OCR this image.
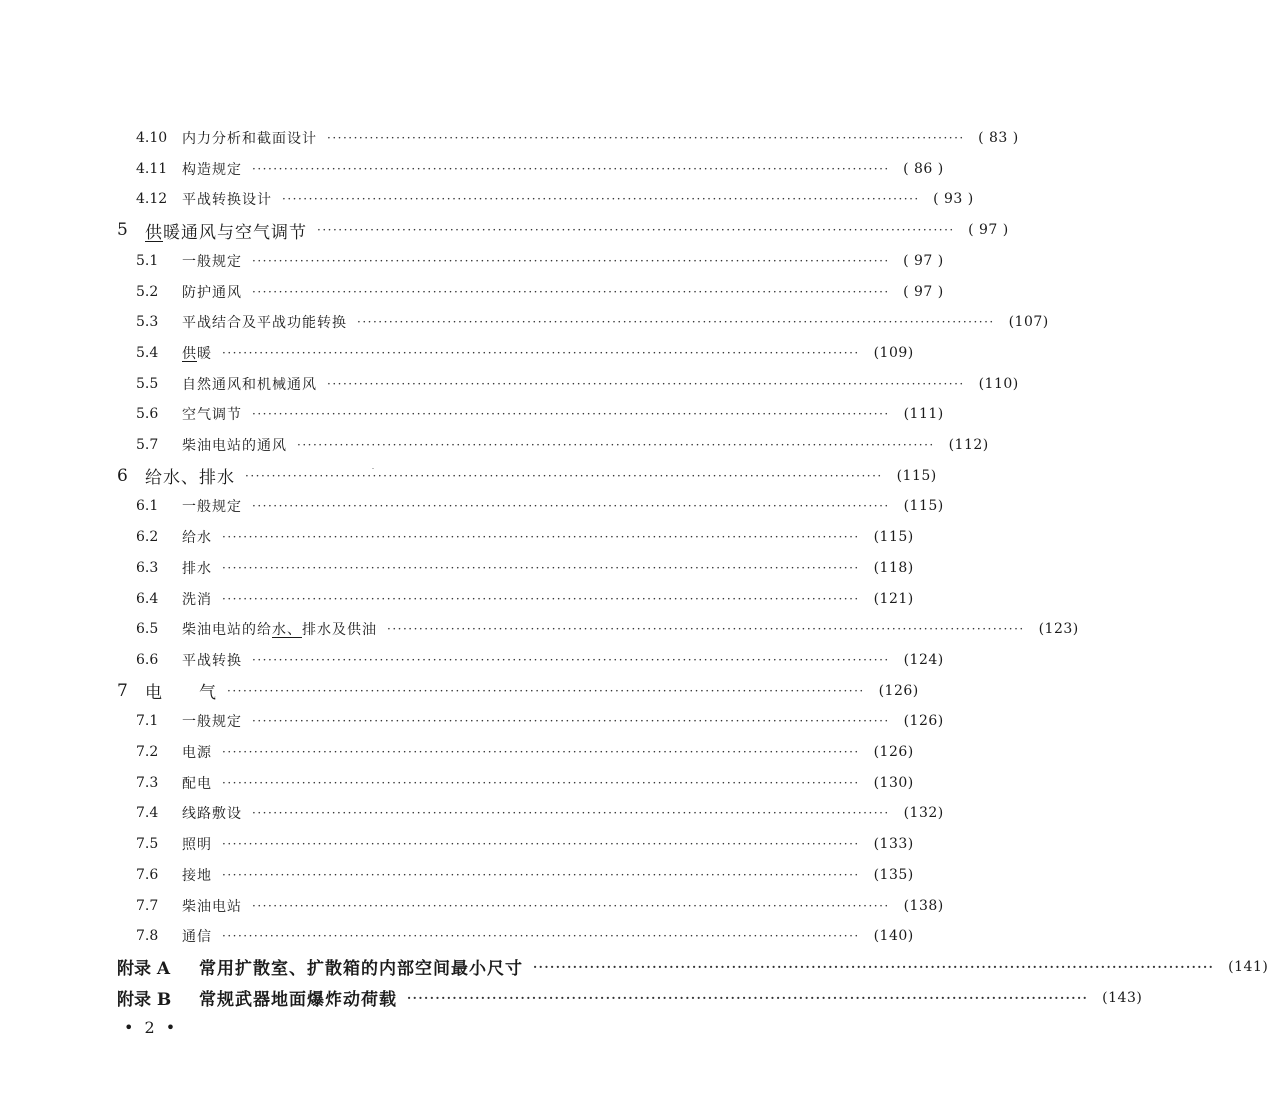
4.10	内力分析和截面设计 ························································································································ ( 83 )
4.11	构造规定 ························································································································ ( 86 )
4.12	平战转换设计 ························································································································ ( 93 )
5	供暖通风与空气调节 ························································································································ ( 97 )
5.1	一般规定 ························································································································ ( 97 )
5.2	防护通风 ························································································································ ( 97 )
5.3	平战结合及平战功能转换 ························································································································ (107)
5.4	供暖 ························································································································ (109)
5.5	自然通风和机械通风 ························································································································ (110)
5.6	空气调节 ························································································································ (111)
5.7	柴油电站的通风 ························································································································ (112)
6	给水、排水 ························································································································ (115)
6.1	一般规定 ························································································································ (115)
6.2	给水 ························································································································ (115)
6.3	排水 ························································································································ (118)
6.4	洗消 ························································································································ (121)
6.5	柴油电站的给水、排水及供油 ························································································································ (123)
6.6	平战转换 ························································································································ (124)
7	电　　气 ························································································································ (126)
7.1	一般规定 ························································································································ (126)
7.2	电源 ························································································································ (126)
7.3	配电 ························································································································ (130)
7.4	线路敷设 ························································································································ (132)
7.5	照明 ························································································································ (133)
7.6	接地 ························································································································ (135)
7.7	柴油电站 ························································································································ (138)
7.8	通信 ························································································································ (140)
附录 A	常用扩散室、扩散箱的内部空间最小尺寸 ························································································································ (141)
附录 B	常规武器地面爆炸动荷载 ························································································································ (143)
• 2 •
